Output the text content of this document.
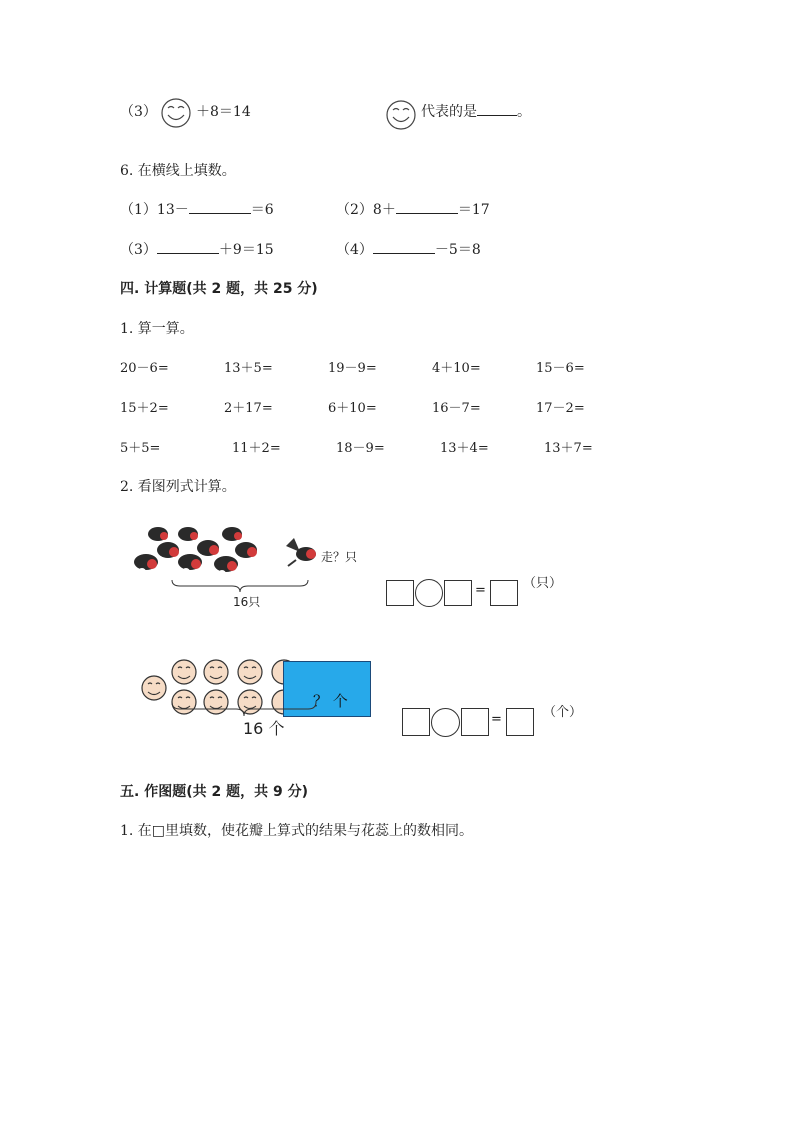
（3）	＋8＝14	代表的是	。
6. 在横线上填数。
（1）13－	＝6	（2）8＋	＝17
（3）	＋9＝15	（4）	－5＝8
四. 计算题(共 2 题，共 25 分)
1. 算一算。
20－6=	13＋5=	19－9=	4＋10=	15－6=
15＋2=	2＋17=	6＋10=	16－7=	17－2=
5＋5=	11＋2=	18－9=	13＋4=	13＋7=
2. 看图列式计算。
16只
走？只
=	（只）
？ 个
16 个	=	（个）
五. 作图题(共 2 题，共 9 分)
1. 在□里填数，使花瓣上算式的结果与花蕊上的数相同。
